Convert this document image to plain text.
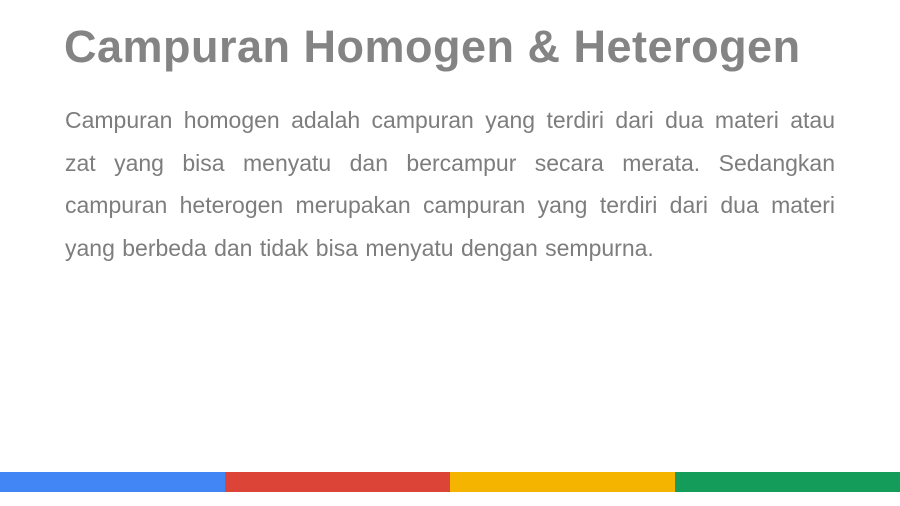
Campuran Homogen & Heterogen
Campuran homogen adalah campuran yang terdiri dari dua materi atau
zat yang bisa menyatu dan bercampur secara merata. Sedangkan
campuran heterogen merupakan campuran yang terdiri dari dua materi
yang berbeda dan tidak bisa menyatu dengan sempurna.
